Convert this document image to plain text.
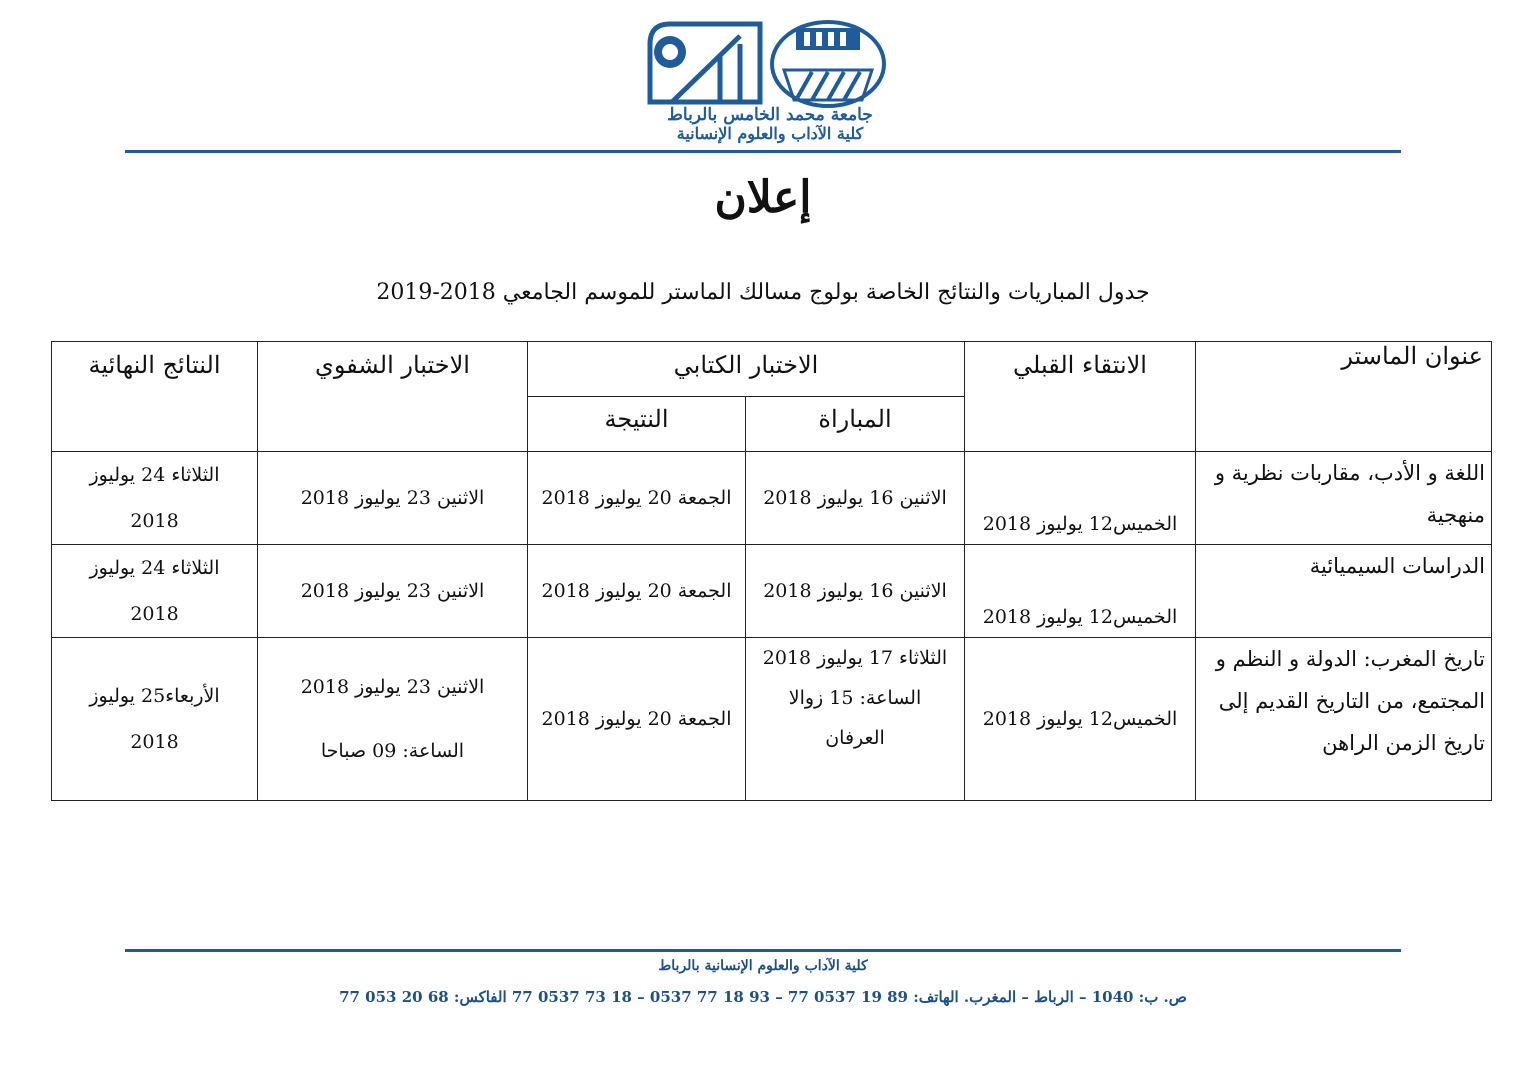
جامعة محمد الخامس بالرباط
كلية الآداب والعلوم الإنسانية
إعلان
جدول المباريات والنتائج الخاصة بولوج مسالك الماستر للموسم الجامعي 2018-2019
عنوان الماستر	الانتقاء القبلي	الاختبار الكتابي		الاختبار الشفوي	النتائج النهائية
		المباراة	النتيجة		
اللغة و الأدب، مقاربات نظرية و منهجية	الخميس12 يوليوز 2018	الاثنين 16 يوليوز 2018	الجمعة 20 يوليوز 2018	الاثنين 23 يوليوز 2018	الثلاثاء 24 يوليوز
2018

الدراسات السيميائية	الخميس12 يوليوز 2018	الاثنين 16 يوليوز 2018	الجمعة 20 يوليوز 2018	الاثنين 23 يوليوز 2018	الثلاثاء 24 يوليوز
2018

تاريخ المغرب: الدولة و النظم و المجتمع، من التاريخ القديم إلى تاريخ الزمن الراهن	الخميس12 يوليوز 2018	الثلاثاء 17 يوليوز 2018
الساعة: 15 زوالا
العرفان	الجمعة 20 يوليوز 2018	الاثنين 23 يوليوز 2018
الساعة: 09 صباحا	الأربعاء25 يوليوز
2018
كلية الآداب والعلوم الإنسانية بالرباط
ص. ب: 1040 – الرباط – المغرب. الهاتف: 89 19 0537 77 – 93 18 77 0537 – 18 73 0537 77 الفاكس: 68 20 053 77
